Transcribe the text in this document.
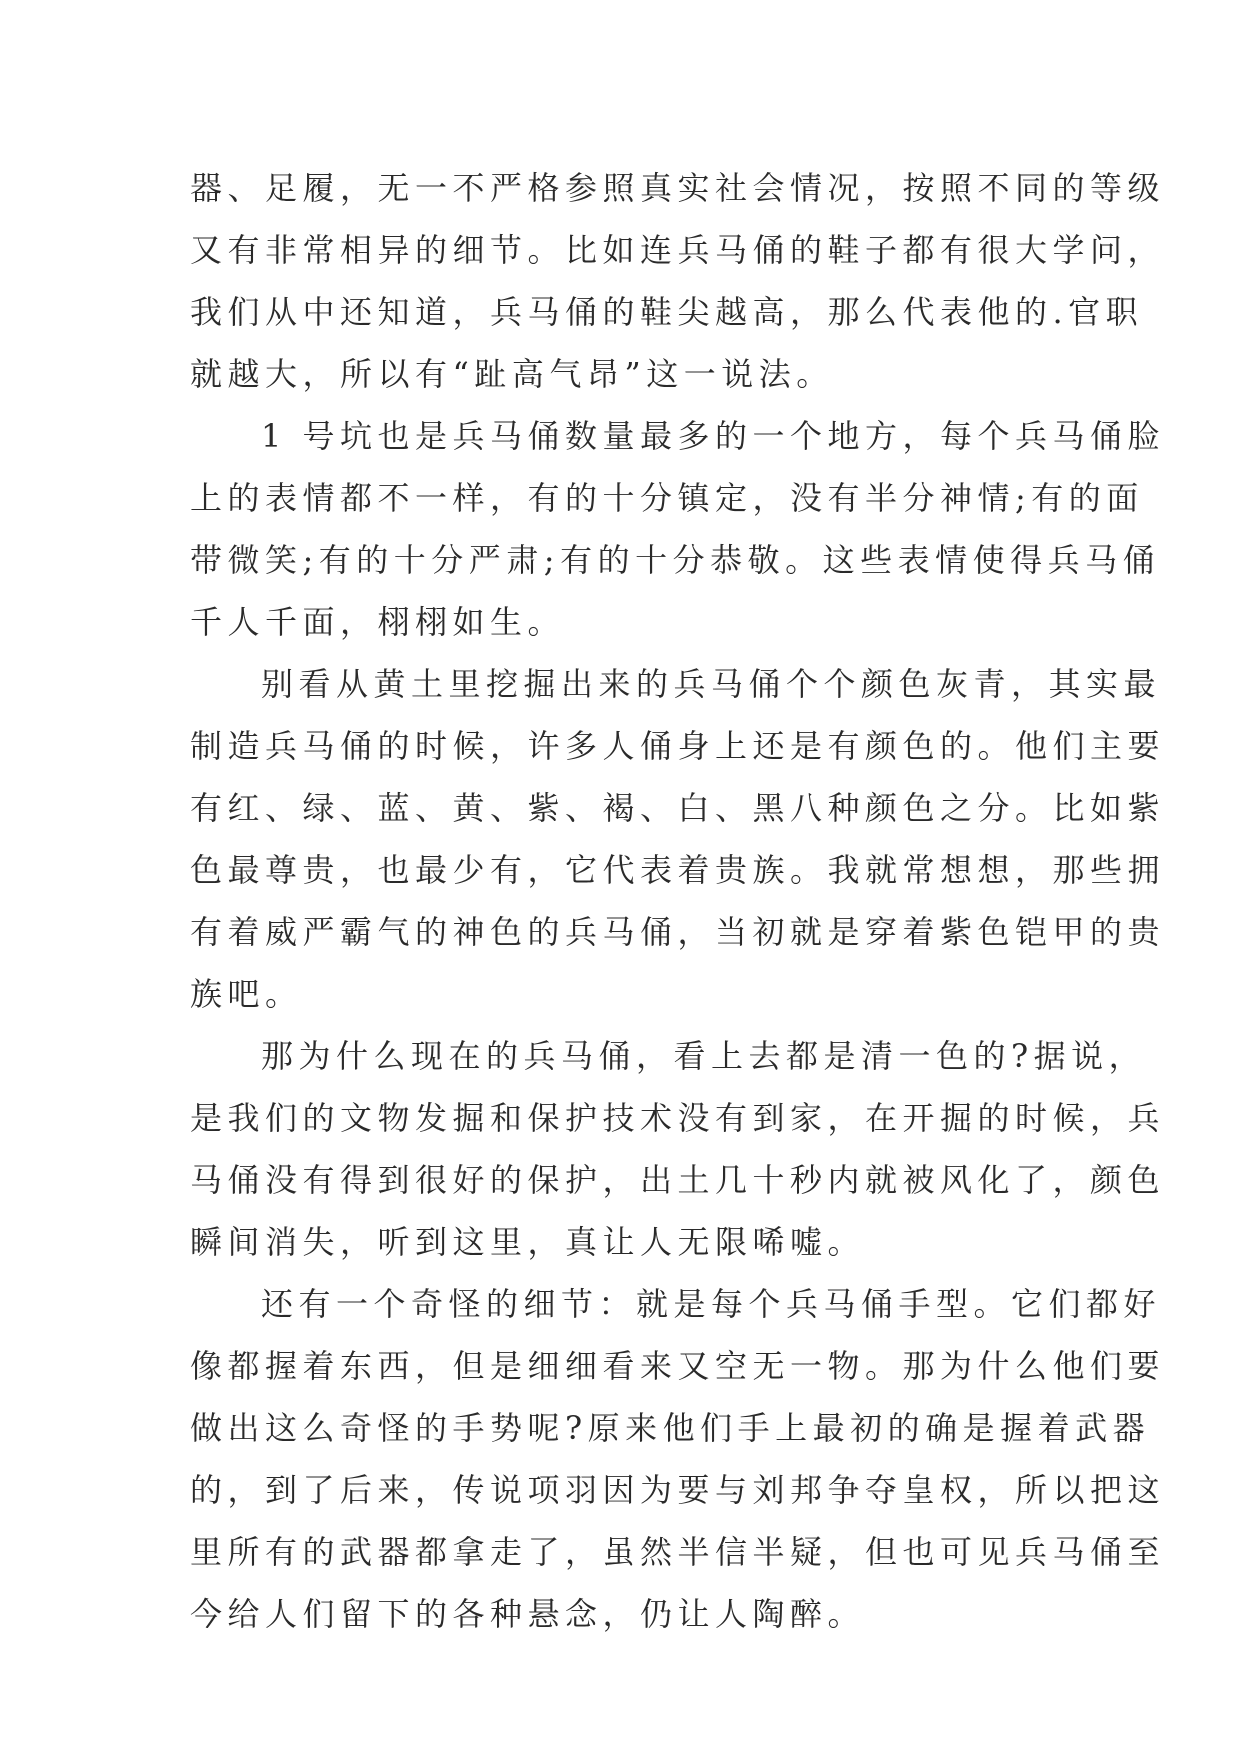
器、足履，无一不严格参照真实社会情况，按照不同的等级
又有非常相异的细节。比如连兵马俑的鞋子都有很大学问，
我们从中还知道，兵马俑的鞋尖越高，那么代表他的.官职
就越大，所以有“趾高气昂”这一说法。
1 号坑也是兵马俑数量最多的一个地方，每个兵马俑脸
上的表情都不一样，有的十分镇定，没有半分神情;有的面
带微笑;有的十分严肃;有的十分恭敬。这些表情使得兵马俑
千人千面，栩栩如生。
别看从黄土里挖掘出来的兵马俑个个颜色灰青，其实最
制造兵马俑的时候，许多人俑身上还是有颜色的。他们主要
有红、绿、蓝、黄、紫、褐、白、黑八种颜色之分。比如紫
色最尊贵，也最少有，它代表着贵族。我就常想想，那些拥
有着威严霸气的神色的兵马俑，当初就是穿着紫色铠甲的贵
族吧。
那为什么现在的兵马俑，看上去都是清一色的?据说，
是我们的文物发掘和保护技术没有到家，在开掘的时候，兵
马俑没有得到很好的保护，出土几十秒内就被风化了，颜色
瞬间消失，听到这里，真让人无限唏嘘。
还有一个奇怪的细节：就是每个兵马俑手型。它们都好
像都握着东西，但是细细看来又空无一物。那为什么他们要
做出这么奇怪的手势呢?原来他们手上最初的确是握着武器
的，到了后来，传说项羽因为要与刘邦争夺皇权，所以把这
里所有的武器都拿走了，虽然半信半疑，但也可见兵马俑至
今给人们留下的各种悬念，仍让人陶醉。
